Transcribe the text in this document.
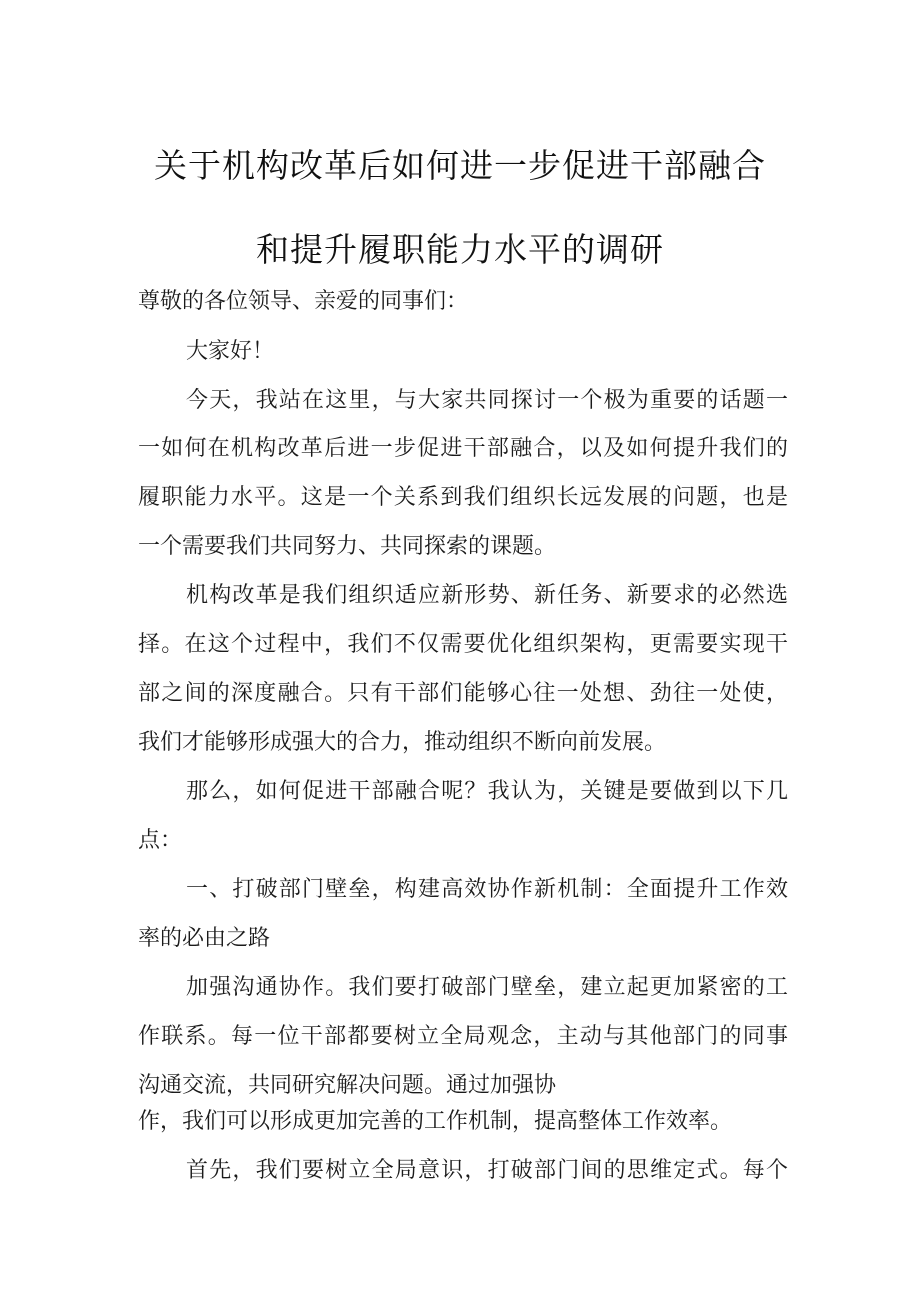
关于机构改革后如何进一步促进干部融合
和提升履职能力水平的调研
尊敬的各位领导、亲爱的同事们：
大家好！
今天，我站在这里，与大家共同探讨一个极为重要的话题一
一如何在机构改革后进一步促进干部融合，以及如何提升我们的
履职能力水平。这是一个关系到我们组织长远发展的问题，也是
一个需要我们共同努力、共同探索的课题。
机构改革是我们组织适应新形势、新任务、新要求的必然选
择。在这个过程中，我们不仅需要优化组织架构，更需要实现干
部之间的深度融合。只有干部们能够心往一处想、劲往一处使，
我们才能够形成强大的合力，推动组织不断向前发展。
那么，如何促进干部融合呢？我认为，关键是要做到以下几
点：
一、打破部门壁垒，构建高效协作新机制：全面提升工作效
率的必由之路
加强沟通协作。我们要打破部门壁垒，建立起更加紧密的工
作联系。每一位干部都要树立全局观念，主动与其他部门的同事
沟通交流，共同研究解决问题。通过加强协
作，我们可以形成更加完善的工作机制，提高整体工作效率。
首先，我们要树立全局意识，打破部门间的思维定式。每个
